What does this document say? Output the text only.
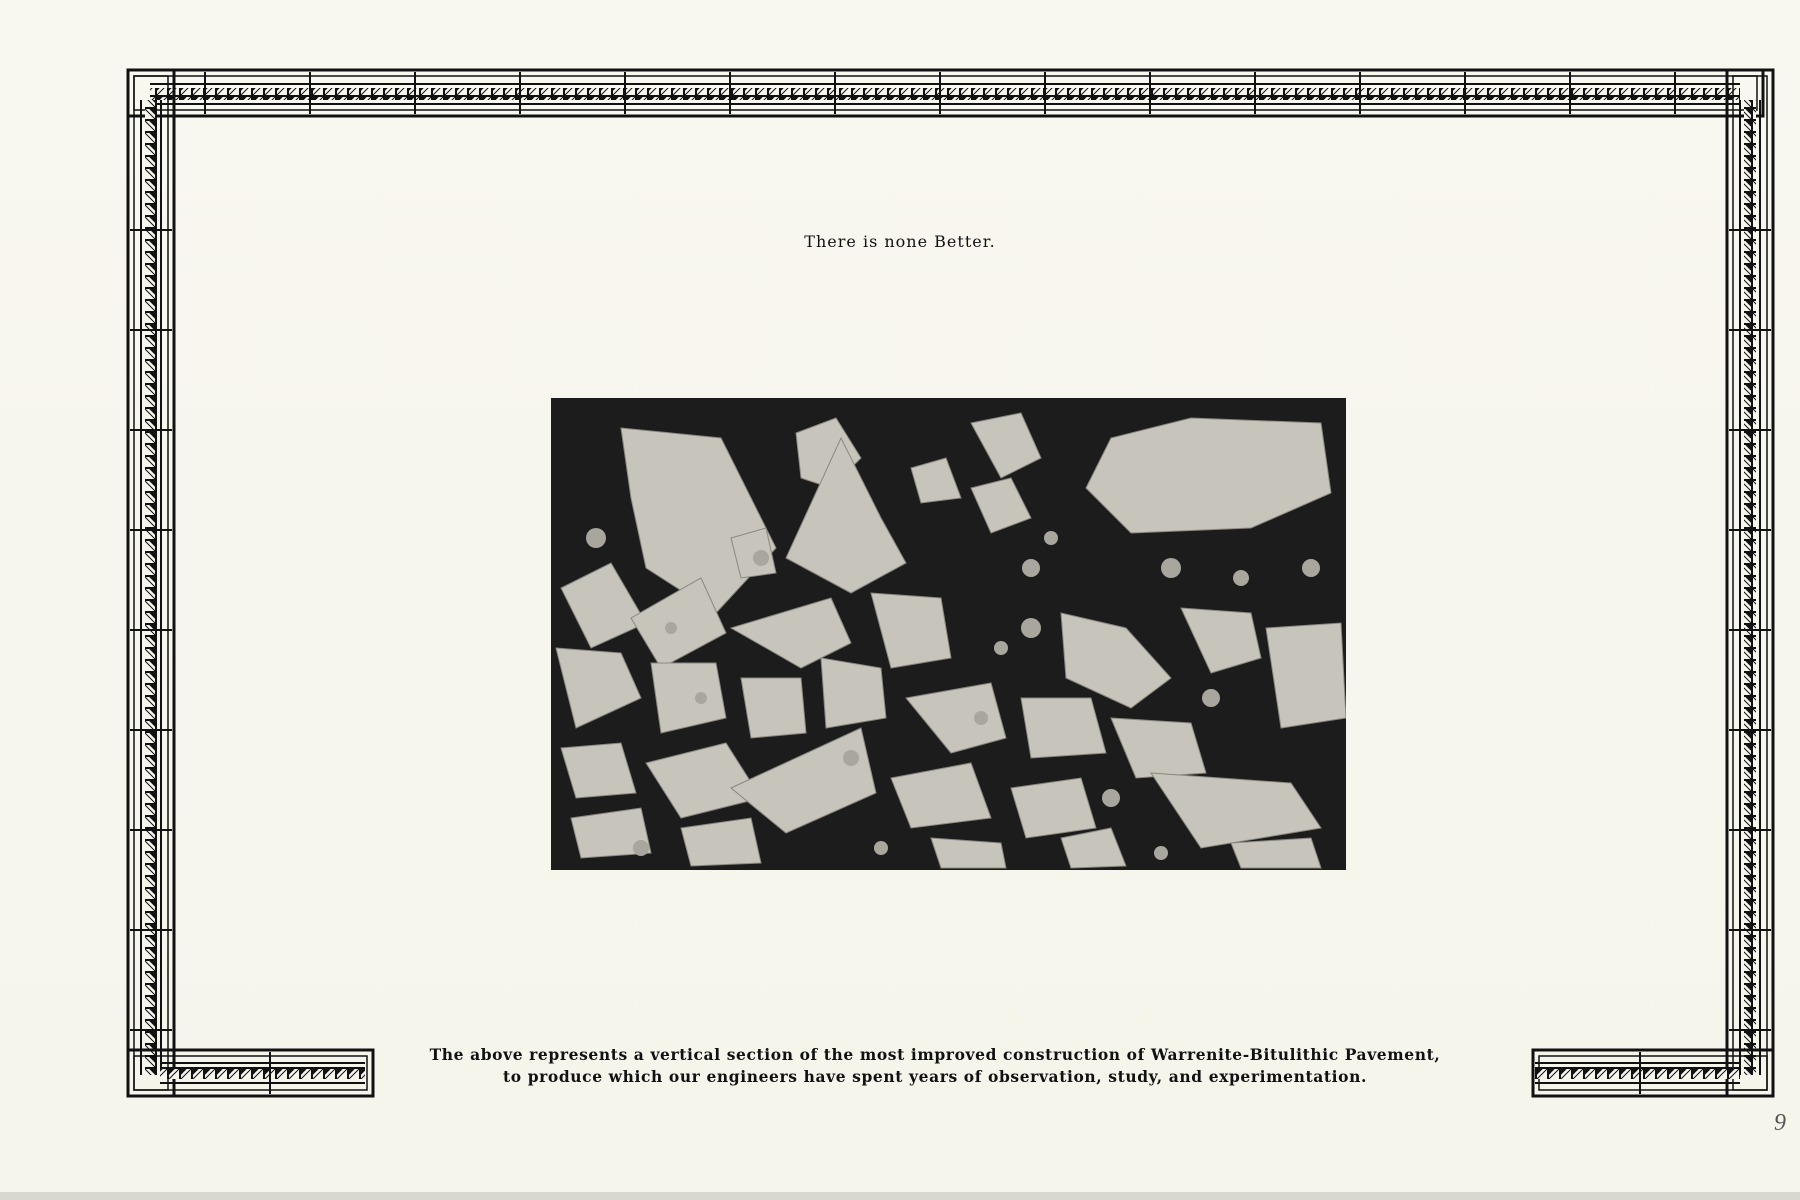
There is none Better.
The above represents a vertical section of the most improved construction of Warrenite-Bitulithic Pavement,
to produce which our engineers have spent years of observation, study, and experimentation.
9
